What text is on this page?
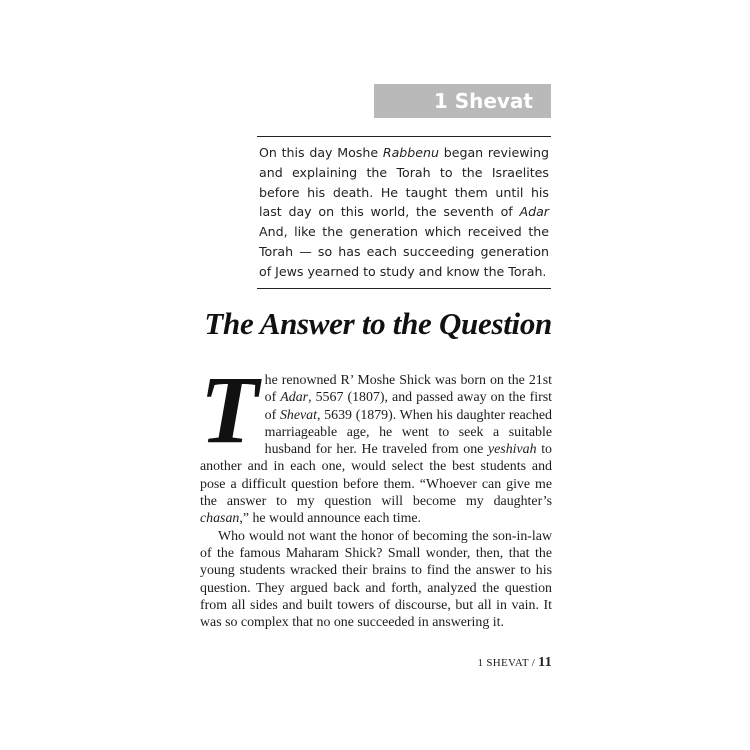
1 Shevat

On this day Moshe Rabbenu began reviewing and explaining the Torah to the Israelites before his death. He taught them until his last day on this world, the seventh of Adar And, like the generation which received the Torah — so has each succeeding generation of Jews yearned to study and know the Torah.

The Answer to the Question

The renowned R’ Moshe Shick was born on the 21st of Adar, 5567 (1807), and passed away on the first of Shevat, 5639 (1879). When his daughter reached marriageable age, he went to seek a suitable husband for her. He traveled from one yeshivah to another and in each one, would select the best students and pose a difficult question before them. “Whoever can give me the answer to my question will become my daughter’s chasan,” he would announce each time.

Who would not want the honor of becoming the son-in-law of the famous Maharam Shick? Small wonder, then, that the young students wracked their brains to find the answer to his question. They argued back and forth, analyzed the question from all sides and built towers of discourse, but all in vain. It was so complex that no one succeeded in answering it.

1 SHEVAT / 11
